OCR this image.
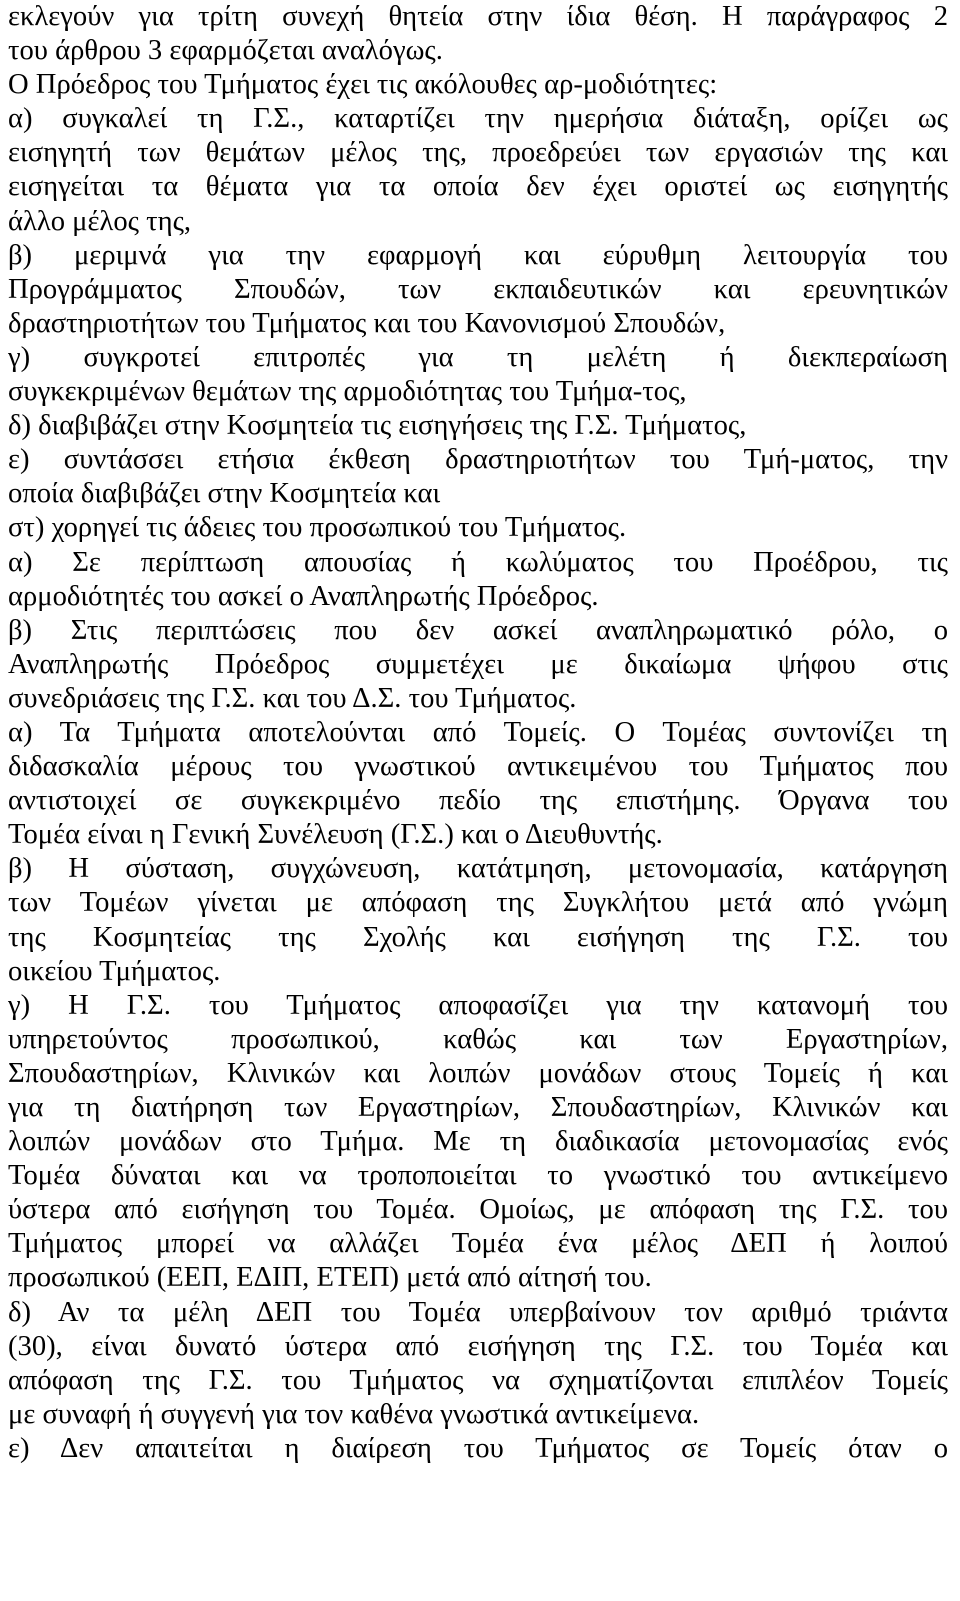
εκλεγούν για τρίτη συνεχή θητεία στην ίδια θέση. Η παράγραφος 2
του άρθρου 3 εφαρμόζεται αναλόγως.
Ο Πρόεδρος του Τμήματος έχει τις ακόλουθες αρ-μοδιότητες:
α) συγκαλεί τη Γ.Σ., καταρτίζει την ημερήσια διάταξη, ορίζει ως
εισηγητή των θεμάτων μέλος της, προεδρεύει των εργασιών της και
εισηγείται τα θέματα για τα οποία δεν έχει οριστεί ως εισηγητής
άλλο μέλος της,
β) μεριμνά για την εφαρμογή και εύρυθμη λειτουργία του
Προγράμματος Σπουδών, των εκπαιδευτικών και ερευνητικών
δραστηριοτήτων του Τμήματος και του Κανονισμού Σπουδών,
γ) συγκροτεί επιτροπές για τη μελέτη ή διεκπεραίωση
συγκεκριμένων θεμάτων της αρμοδιότητας του Τμήμα-τος,
δ) διαβιβάζει στην Κοσμητεία τις εισηγήσεις της Γ.Σ. Τμήματος,
ε) συντάσσει ετήσια έκθεση δραστηριοτήτων του Τμή-ματος, την
οποία διαβιβάζει στην Κοσμητεία και
στ) χορηγεί τις άδειες του προσωπικού του Τμήματος.
α) Σε περίπτωση απουσίας ή κωλύματος του Προέδρου, τις
αρμοδιότητές του ασκεί ο Αναπληρωτής Πρόεδρος.
β) Στις περιπτώσεις που δεν ασκεί αναπληρωματικό ρόλο, ο
Αναπληρωτής Πρόεδρος συμμετέχει με δικαίωμα ψήφου στις
συνεδριάσεις της Γ.Σ. και του Δ.Σ. του Τμήματος.
α) Τα Τμήματα αποτελούνται από Τομείς. Ο Τομέας συντονίζει τη
διδασκαλία μέρους του γνωστικού αντικειμένου του Τμήματος που
αντιστοιχεί σε συγκεκριμένο πεδίο της επιστήμης. Όργανα του
Τομέα είναι η Γενική Συνέλευση (Γ.Σ.) και ο Διευθυντής.
β) Η σύσταση, συγχώνευση, κατάτμηση, μετονομασία, κατάργηση
των Τομέων γίνεται με απόφαση της Συγκλήτου μετά από γνώμη
της Κοσμητείας της Σχολής και εισήγηση της Γ.Σ. του
οικείου Τμήματος.
γ) Η Γ.Σ. του Τμήματος αποφασίζει για την κατανομή του
υπηρετούντος προσωπικού, καθώς και των Εργαστηρίων,
Σπουδαστηρίων, Κλινικών και λοιπών μονάδων στους Τομείς ή και
για τη διατήρηση των Εργαστηρίων, Σπουδαστηρίων, Κλινικών και
λοιπών μονάδων στο Τμήμα. Με τη διαδικασία μετονομασίας ενός
Τομέα δύναται και να τροποποιείται το γνωστικό του αντικείμενο
ύστερα από εισήγηση του Τομέα. Ομοίως, με απόφαση της Γ.Σ. του
Τμήματος μπορεί να αλλάζει Τομέα ένα μέλος ΔΕΠ ή λοιπού
προσωπικού (ΕΕΠ, ΕΔΙΠ, ΕΤΕΠ) μετά από αίτησή του.
δ) Αν τα μέλη ΔΕΠ του Τομέα υπερβαίνουν τον αριθμό τριάντα
(30), είναι δυνατό ύστερα από εισήγηση της Γ.Σ. του Τομέα και
απόφαση της Γ.Σ. του Τμήματος να σχηματίζονται επιπλέον Τομείς
με συναφή ή συγγενή για τον καθένα γνωστικά αντικείμενα.
ε) Δεν απαιτείται η διαίρεση του Τμήματος σε Τομείς όταν ο
